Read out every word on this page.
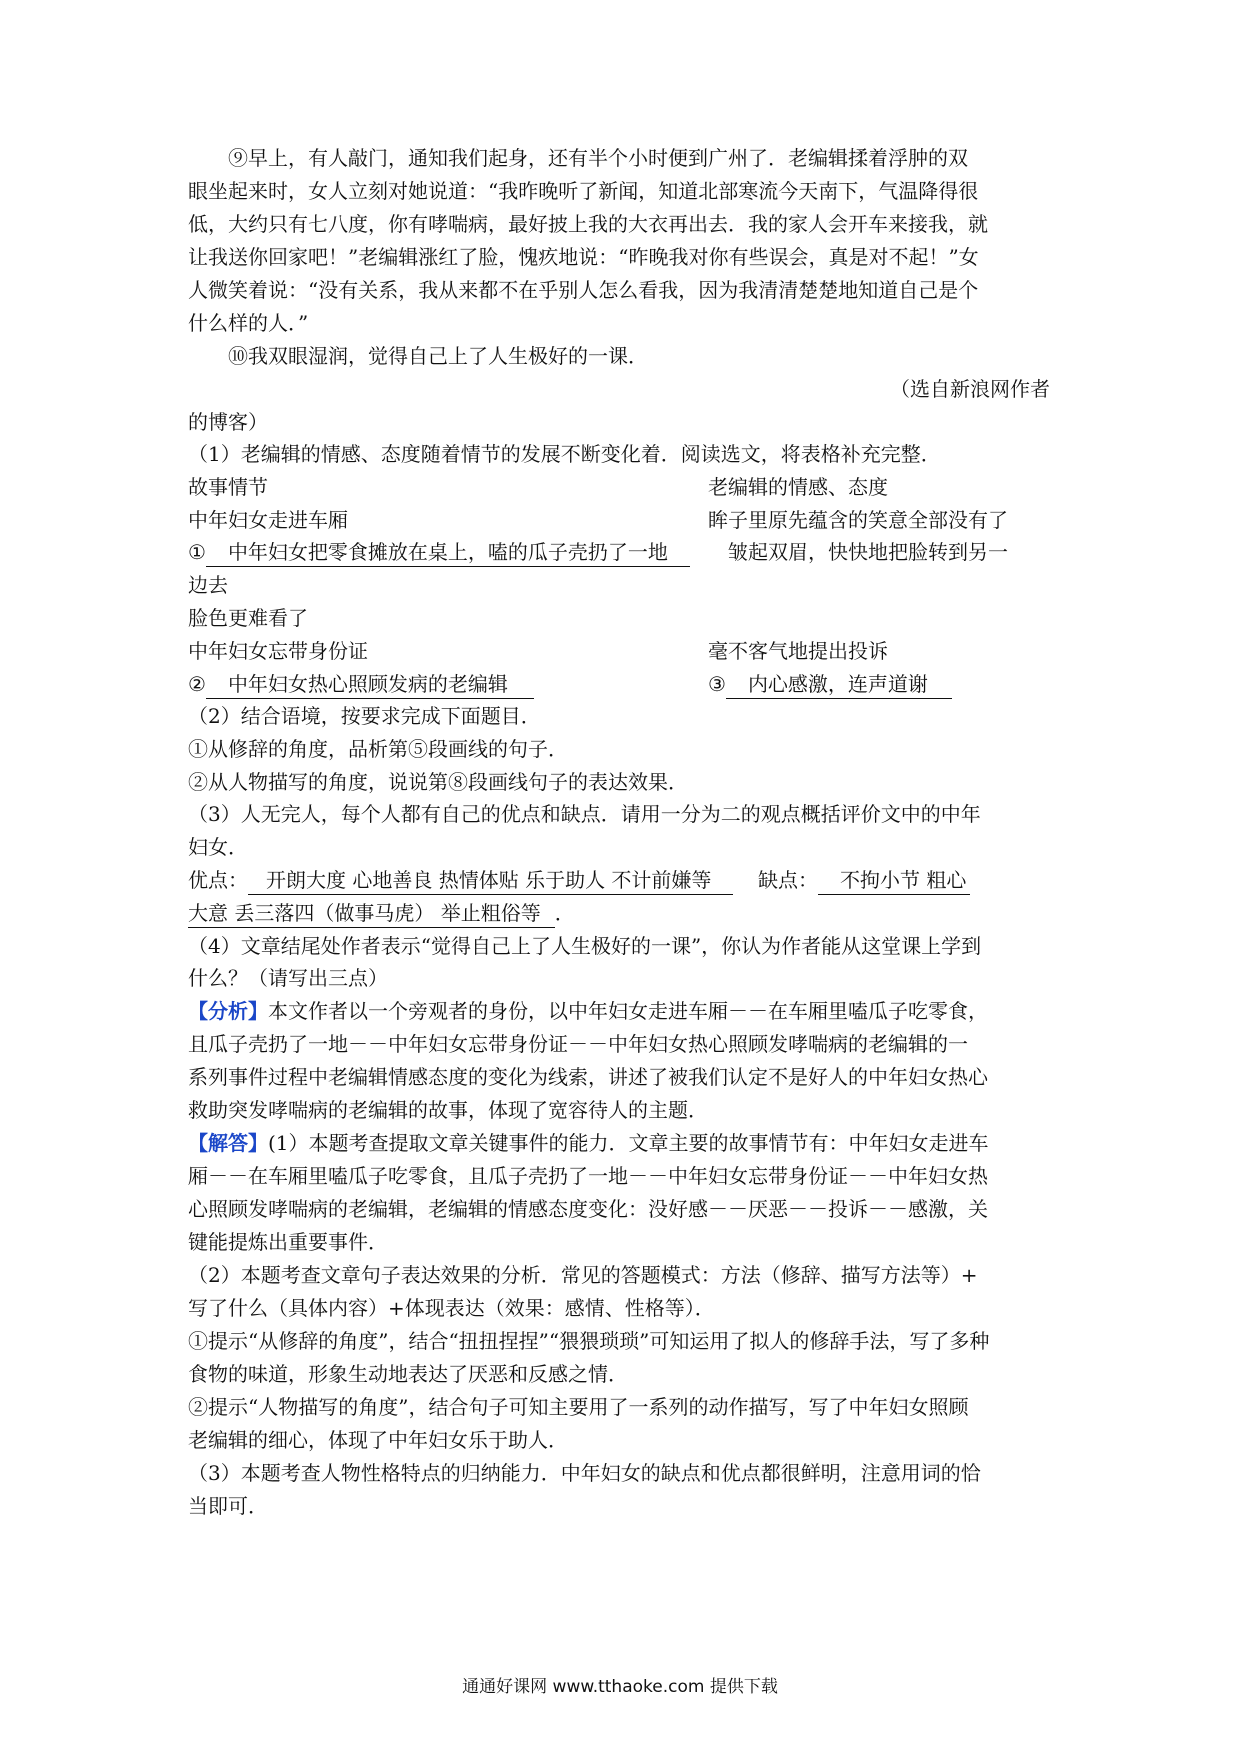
⑨早上，有人敲门，通知我们起身，还有半个小时便到广州了．老编辑揉着浮肿的双
眼坐起来时，女人立刻对她说道：“我昨晚听了新闻，知道北部寒流今天南下，气温降得很
低，大约只有七八度，你有哮喘病，最好披上我的大衣再出去．我的家人会开车来接我，就
让我送你回家吧！”老编辑涨红了脸，愧疚地说：“昨晚我对你有些误会，真是对不起！”女
人微笑着说：“没有关系，我从来都不在乎别人怎么看我，因为我清清楚楚地知道自己是个
什么样的人．”
⑩我双眼湿润，觉得自己上了人生极好的一课．
（选自新浪网作者
的博客）
（1）老编辑的情感、态度随着情节的发展不断变化着．阅读选文，将表格补充完整．
故事情节	老编辑的情感、态度
中年妇女走进车厢	眸子里原先蕴含的笑意全部没有了
① 中年妇女把零食摊放在桌上，嗑的瓜子壳扔了一地	皱起双眉，快快地把脸转到另一
边去
脸色更难看了
中年妇女忘带身份证	毫不客气地提出投诉
② 中年妇女热心照顾发病的老编辑	③ 内心感激，连声道谢
（2）结合语境，按要求完成下面题目．
①从修辞的角度，品析第⑤段画线的句子．
②从人物描写的角度，说说第⑧段画线句子的表达效果．
（3）人无完人，每个人都有自己的优点和缺点．请用一分为二的观点概括评价文中的中年
妇女．
优点： 开朗大度 心地善良 热情体贴 乐于助人 不计前嫌等	缺点： 不拘小节 粗心
大意 丢三落四（做事马虎） 举止粗俗等 ．
（4）文章结尾处作者表示“觉得自己上了人生极好的一课”，你认为作者能从这堂课上学到
什么？（请写出三点）
【分析】本文作者以一个旁观者的身份，以中年妇女走进车厢－－在车厢里嗑瓜子吃零食，
且瓜子壳扔了一地－－中年妇女忘带身份证－－中年妇女热心照顾发哮喘病的老编辑的一
系列事件过程中老编辑情感态度的变化为线索，讲述了被我们认定不是好人的中年妇女热心
救助突发哮喘病的老编辑的故事，体现了宽容待人的主题．
【解答】(1）本题考查提取文章关键事件的能力．文章主要的故事情节有：中年妇女走进车
厢－－在车厢里嗑瓜子吃零食，且瓜子壳扔了一地－－中年妇女忘带身份证－－中年妇女热
心照顾发哮喘病的老编辑，老编辑的情感态度变化：没好感－－厌恶－－投诉－－感激，关
键能提炼出重要事件．
（2）本题考查文章句子表达效果的分析．常见的答题模式：方法（修辞、描写方法等）+
写了什么（具体内容）+体现表达（效果：感情、性格等）．
①提示“从修辞的角度”，结合“扭扭捏捏”“猥猥琐琐”可知运用了拟人的修辞手法，写了多种
食物的味道，形象生动地表达了厌恶和反感之情．
②提示“人物描写的角度”，结合句子可知主要用了一系列的动作描写，写了中年妇女照顾
老编辑的细心，体现了中年妇女乐于助人．
（3）本题考查人物性格特点的归纳能力．中年妇女的缺点和优点都很鲜明，注意用词的恰
当即可．
通通好课网 www.tthaoke.com 提供下载
